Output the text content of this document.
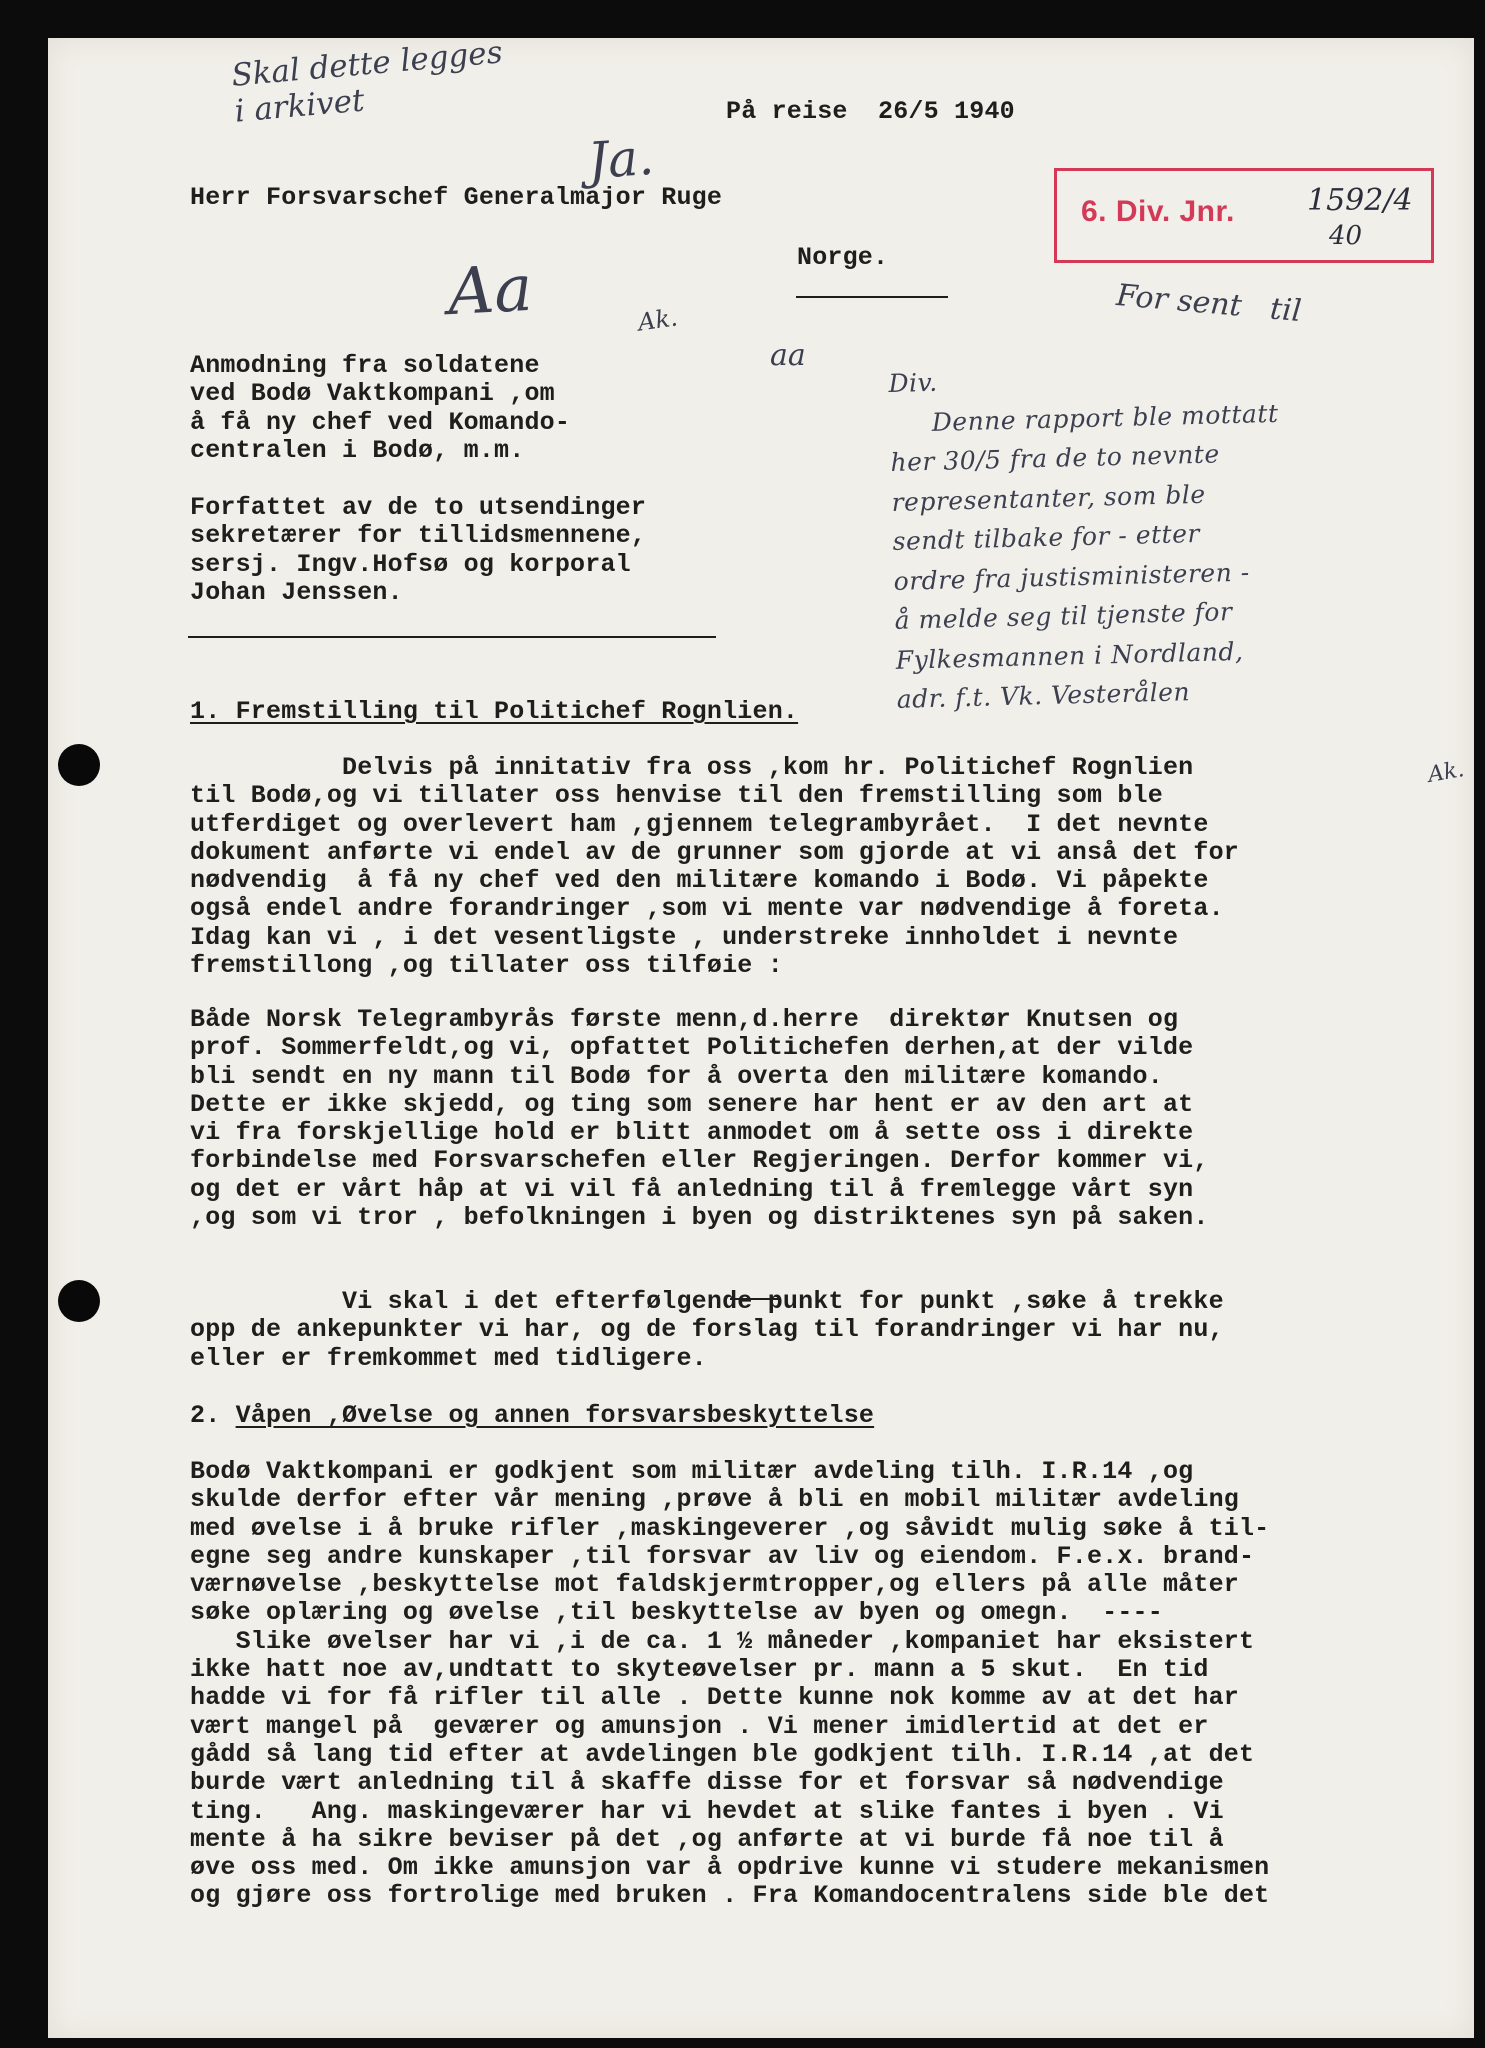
Skal dette legges
i arkivet

Ja.

Aa	Ak.

aa

For sent   til

På reise  26/5 1940

Herr Forsvarschef Generalmajor Ruge

Norge.

6. Div. Jnr. 1592/4
40

Anmodning fra soldatene
ved Bodø Vaktkompani ,om
å få ny chef ved Komando-
centralen i Bodø, m.m.

Forfattet av de to utsendinger
sekretærer for tillidsmennene,
sersj. Ingv.Hofsø og korporal
Johan Jenssen.

Div.
Denne rapport ble mottatt
her 30/5 fra de to nevnte
representanter, som ble
sendt tilbake for - etter
ordre fra justisministeren -
å melde seg til tjenste for
Fylkesmannen i Nordland,
adr. f.t. Vk. Vesterålen

Ak.

1. Fremstilling til Politichef Rognlien.

Delvis på innitativ fra oss ,kom hr. Politichef Rognlien
til Bodø,og vi tillater oss henvise til den fremstilling som ble
utferdiget og overlevert ham ,gjennem telegrambyrået.  I det nevnte
dokument anførte vi endel av de grunner som gjorde at vi anså det for
nødvendig  å få ny chef ved den militære komando i Bodø. Vi påpekte
også endel andre forandringer ,som vi mente var nødvendige å foreta.
Idag kan vi , i det vesentligste , understreke innholdet i nevnte
fremstillong ,og tillater oss tilføie :

Både Norsk Telegrambyrås første menn,d.herre  direktør Knutsen og
prof. Sommerfeldt,og vi, opfattet Politichefen derhen,at der vilde
bli sendt en ny mann til Bodø for å overta den militære komando.
Dette er ikke skjedd, og ting som senere har hent er av den art at
vi fra forskjellige hold er blitt anmodet om å sette oss i direkte
forbindelse med Forsvarschefen eller Regjeringen. Derfor kommer vi,
og det er vårt håp at vi vil få anledning til å fremlegge vårt syn
,og som vi tror , befolkningen i byen og distriktenes syn på saken.

Vi skal i det efterfølgende punkt for punkt ,søke å trekke
opp de ankepunkter vi har, og de forslag til forandringer vi har nu,
eller er fremkommet med tidligere.

2. Våpen ,Øvelse og annen forsvarsbeskyttelse

Bodø Vaktkompani er godkjent som militær avdeling tilh. I.R.14 ,og
skulde derfor efter vår mening ,prøve å bli en mobil militær avdeling
med øvelse i å bruke rifler ,maskingeverer ,og såvidt mulig søke å til-
egne seg andre kunskaper ,til forsvar av liv og eiendom. F.e.x. brand-
værnøvelse ,beskyttelse mot faldskjermtropper,og ellers på alle måter
søke oplæring og øvelse ,til beskyttelse av byen og omegn.  ----
Slike øvelser har vi ,i de ca. 1 ½ måneder ,kompaniet har eksistert
ikke hatt noe av,undtatt to skyteøvelser pr. mann a 5 skut.  En tid
hadde vi for få rifler til alle . Dette kunne nok komme av at det har
vært mangel på  geværer og amunsjon . Vi mener imidlertid at det er
gådd så lang tid efter at avdelingen ble godkjent tilh. I.R.14 ,at det
burde vært anledning til å skaffe disse for et forsvar så nødvendige
ting.   Ang. maskingeværer har vi hevdet at slike fantes i byen . Vi
mente å ha sikre beviser på det ,og anførte at vi burde få noe til å
øve oss med. Om ikke amunsjon var å opdrive kunne vi studere mekanismen
og gjøre oss fortrolige med bruken . Fra Komandocentralens side ble det
